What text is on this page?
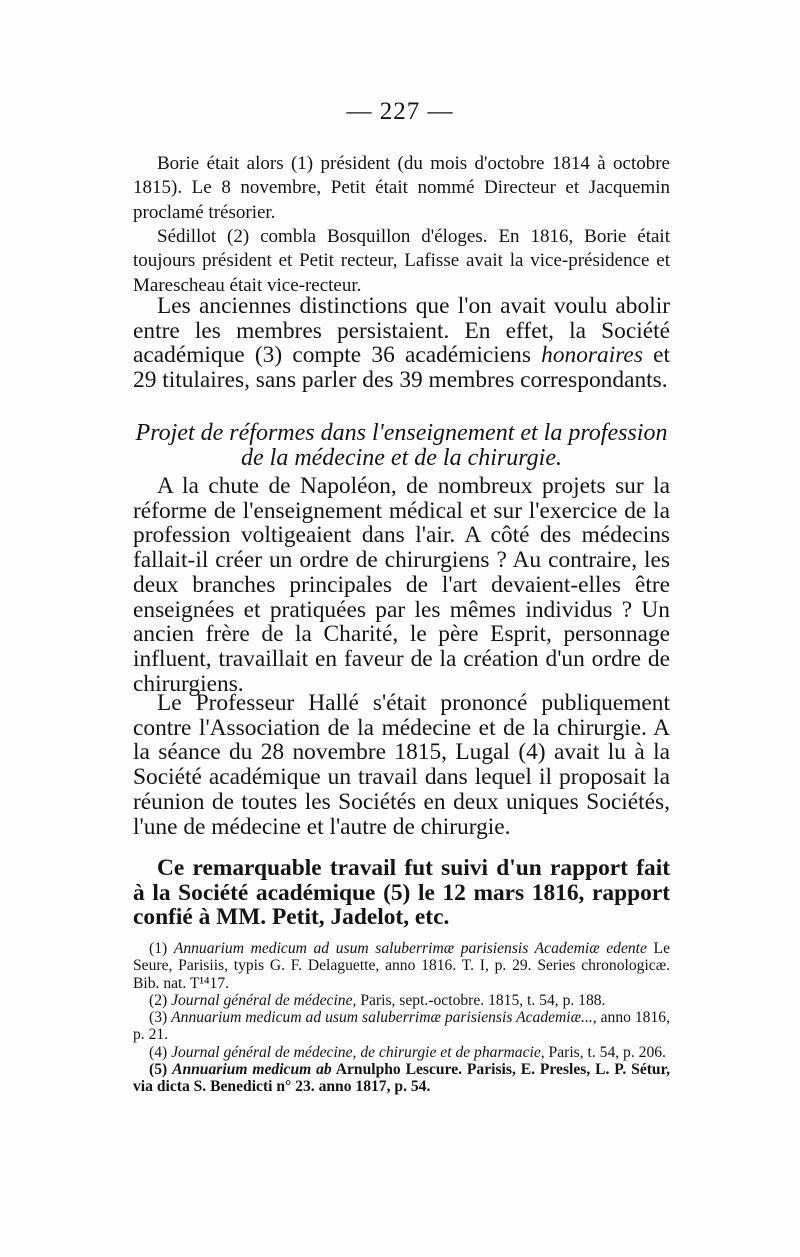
— 227 —

Borie était alors (1) président (du mois d'octobre 1814 à octobre 1815). Le 8 novembre, Petit était nommé Directeur et Jacquemin proclamé trésorier.

Sédillot (2) combla Bosquillon d'éloges. En 1816, Borie était toujours président et Petit recteur, Lafisse avait la vice-présidence et Marescheau était vice-recteur.

Les anciennes distinctions que l'on avait voulu abolir entre les membres persistaient. En effet, la Société académique (3) compte 36 académiciens honoraires et 29 titulaires, sans parler des 39 membres correspondants.

Projet de réformes dans l'enseignement et la profession
de la médecine et de la chirurgie.

A la chute de Napoléon, de nombreux projets sur la réforme de l'enseignement médical et sur l'exercice de la profession voltigeaient dans l'air. A côté des médecins fallait-il créer un ordre de chirurgiens ? Au contraire, les deux branches principales de l'art devaient-elles être enseignées et pratiquées par les mêmes individus ? Un ancien frère de la Charité, le père Esprit, personnage influent, travaillait en faveur de la création d'un ordre de chirurgiens.

Le Professeur Hallé s'était prononcé publiquement contre l'Association de la médecine et de la chirurgie. A la séance du 28 novembre 1815, Lugal (4) avait lu à la Société académique un travail dans lequel il proposait la réunion de toutes les Sociétés en deux uniques Sociétés, l'une de médecine et l'autre de chirurgie.

Ce remarquable travail fut suivi d'un rapport fait à la Société académique (5) le 12 mars 1816, rapport confié à MM. Petit, Jadelot, etc.

(1) Annuarium medicum ad usum saluberrimæ parisiensis Academiæ edente Le Seure, Parisiis, typis G. F. Delaguette, anno 1816. T. I, p. 29. Series chronologicæ. Bib. nat. T¹⁴17.

(2) Journal général de médecine, Paris, sept.-octobre. 1815, t. 54, p. 188.

(3) Annuarium medicum ad usum saluberrimæ parisiensis Academiæ..., anno 1816, p. 21.

(4) Journal général de médecine, de chirurgie et de pharmacie, Paris, t. 54, p. 206.

(5) Annuarium medicum ab Arnulpho Lescure. Parisis, E. Presles, L. P. Sétur, via dicta S. Benedicti n° 23. anno 1817, p. 54.
